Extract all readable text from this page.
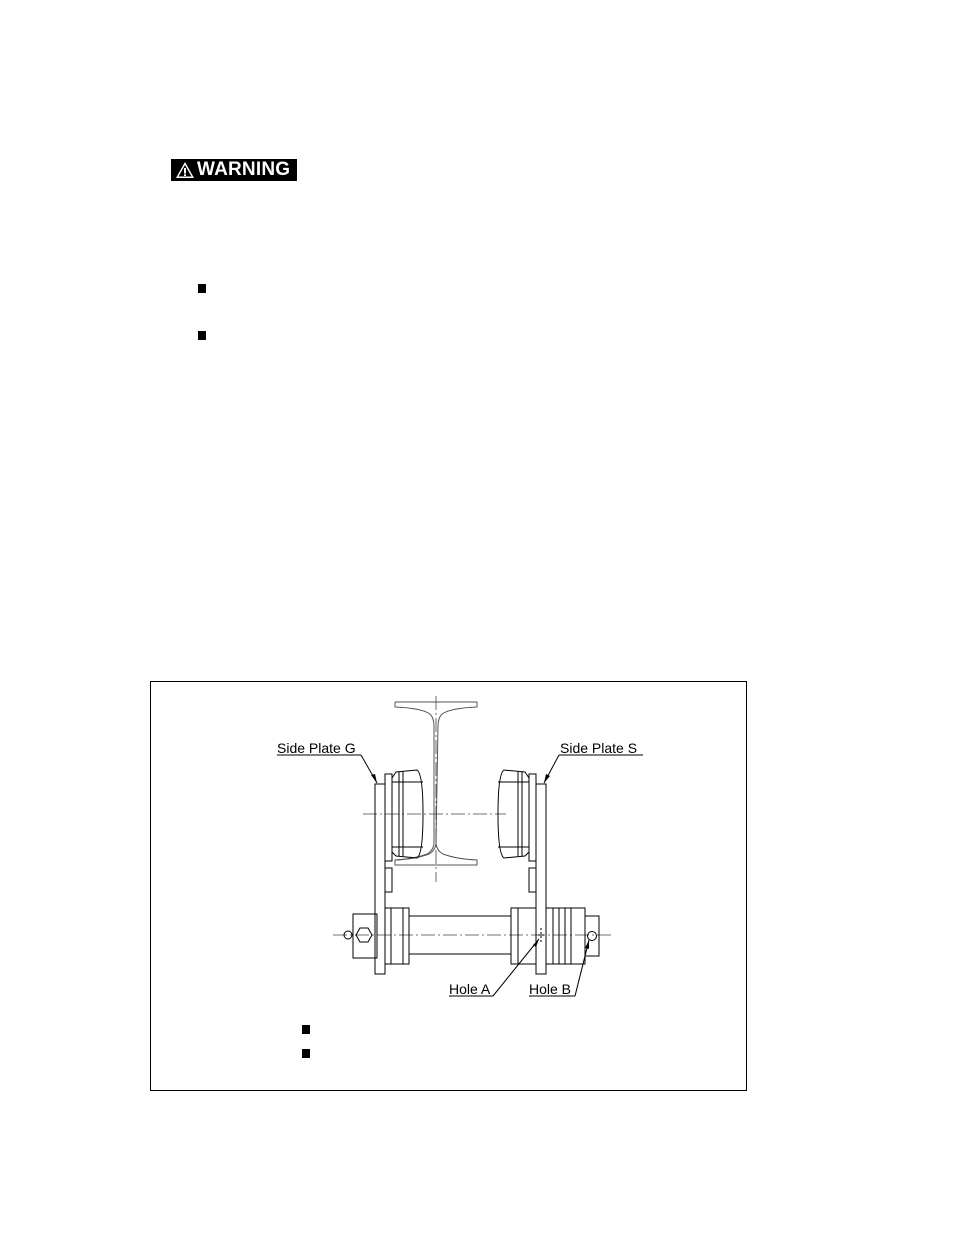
WARNING
Side Plate G	Side Plate S
Hole A	Hole B
